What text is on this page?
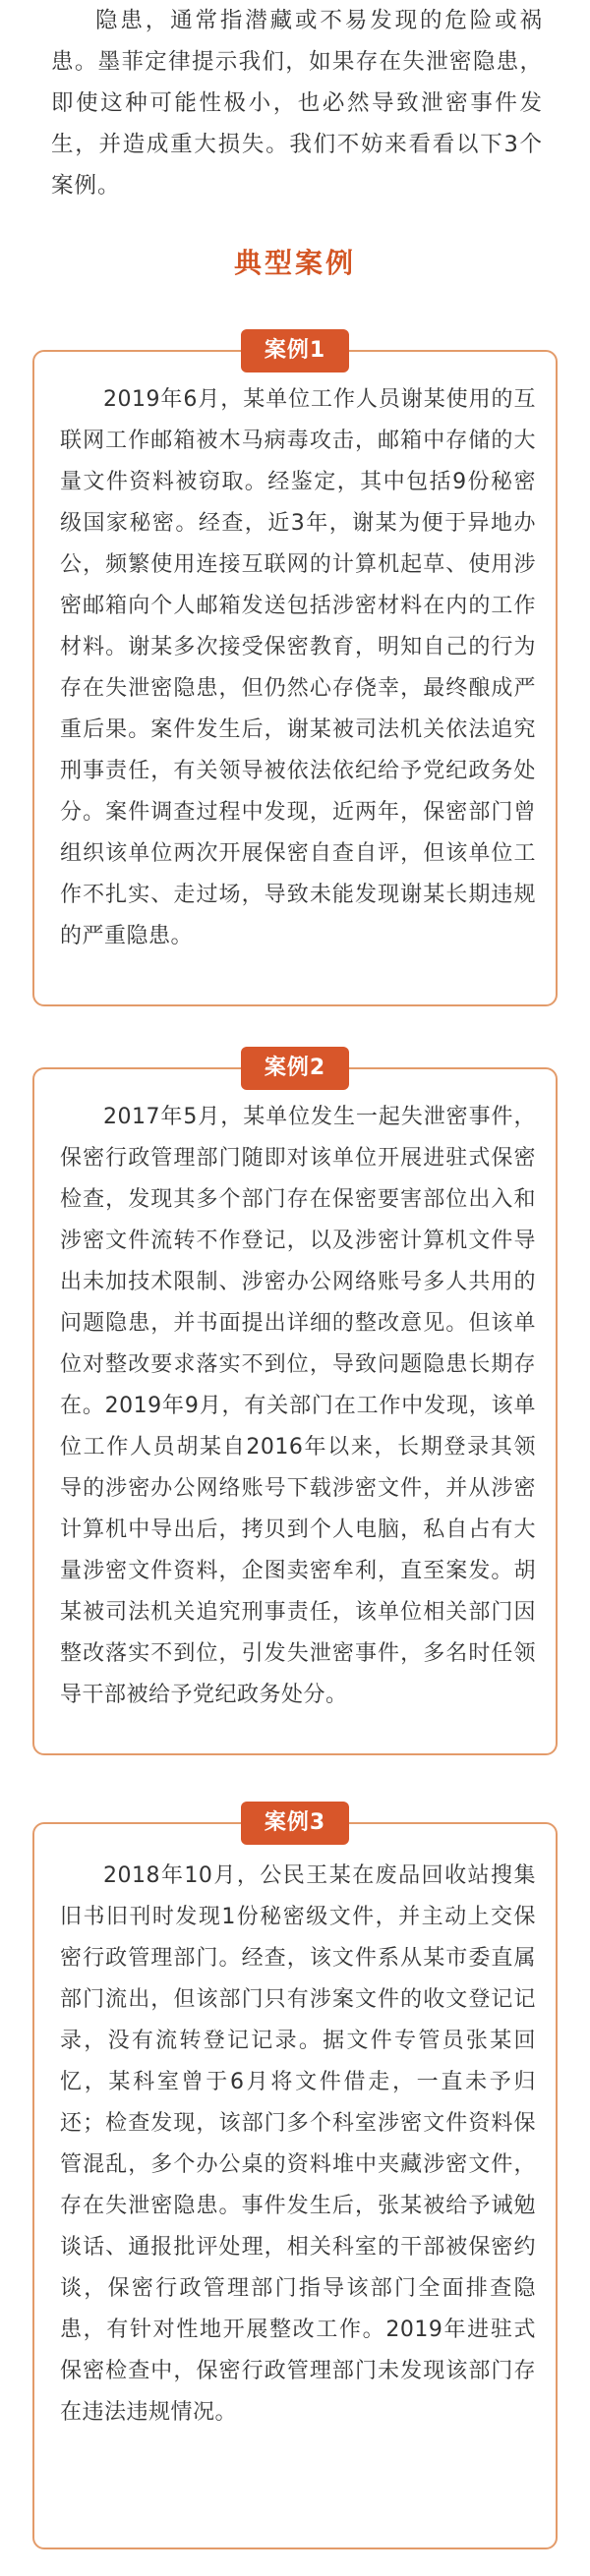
隐患，通常指潜藏或不易发现的危险或祸患。墨菲定律提示我们，如果存在失泄密隐患，即使这种可能性极小，也必然导致泄密事件发生，并造成重大损失。我们不妨来看看以下3个案例。

典型案例
案例1

2019年6月，某单位工作人员谢某使用的互联网工作邮箱被木马病毒攻击，邮箱中存储的大量文件资料被窃取。经鉴定，其中包括9份秘密级国家秘密。经查，近3年，谢某为便于异地办公，频繁使用连接互联网的计算机起草、使用涉密邮箱向个人邮箱发送包括涉密材料在内的工作材料。谢某多次接受保密教育，明知自己的行为存在失泄密隐患，但仍然心存侥幸，最终酿成严重后果。案件发生后，谢某被司法机关依法追究刑事责任，有关领导被依法依纪给予党纪政务处分。案件调查过程中发现，近两年，保密部门曾组织该单位两次开展保密自查自评，但该单位工作不扎实、走过场，导致未能发现谢某长期违规的严重隐患。

案例2

2017年5月，某单位发生一起失泄密事件，保密行政管理部门随即对该单位开展进驻式保密检查，发现其多个部门存在保密要害部位出入和涉密文件流转不作登记，以及涉密计算机文件导出未加技术限制、涉密办公网络账号多人共用的问题隐患，并书面提出详细的整改意见。但该单位对整改要求落实不到位，导致问题隐患长期存在。2019年9月，有关部门在工作中发现，该单位工作人员胡某自2016年以来，长期登录其领导的涉密办公网络账号下载涉密文件，并从涉密计算机中导出后，拷贝到个人电脑，私自占有大量涉密文件资料，企图卖密牟利，直至案发。胡某被司法机关追究刑事责任，该单位相关部门因整改落实不到位，引发失泄密事件，多名时任领导干部被给予党纪政务处分。

案例3

2018年10月，公民王某在废品回收站搜集旧书旧刊时发现1份秘密级文件，并主动上交保密行政管理部门。经查，该文件系从某市委直属部门流出，但该部门只有涉案文件的收文登记记录，没有流转登记记录。据文件专管员张某回忆，某科室曾于6月将文件借走，一直未予归还；检查发现，该部门多个科室涉密文件资料保管混乱，多个办公桌的资料堆中夹藏涉密文件，存在失泄密隐患。事件发生后，张某被给予诫勉谈话、通报批评处理，相关科室的干部被保密约谈，保密行政管理部门指导该部门全面排查隐患，有针对性地开展整改工作。2019年进驻式保密检查中，保密行政管理部门未发现该部门存在违法违规情况。
